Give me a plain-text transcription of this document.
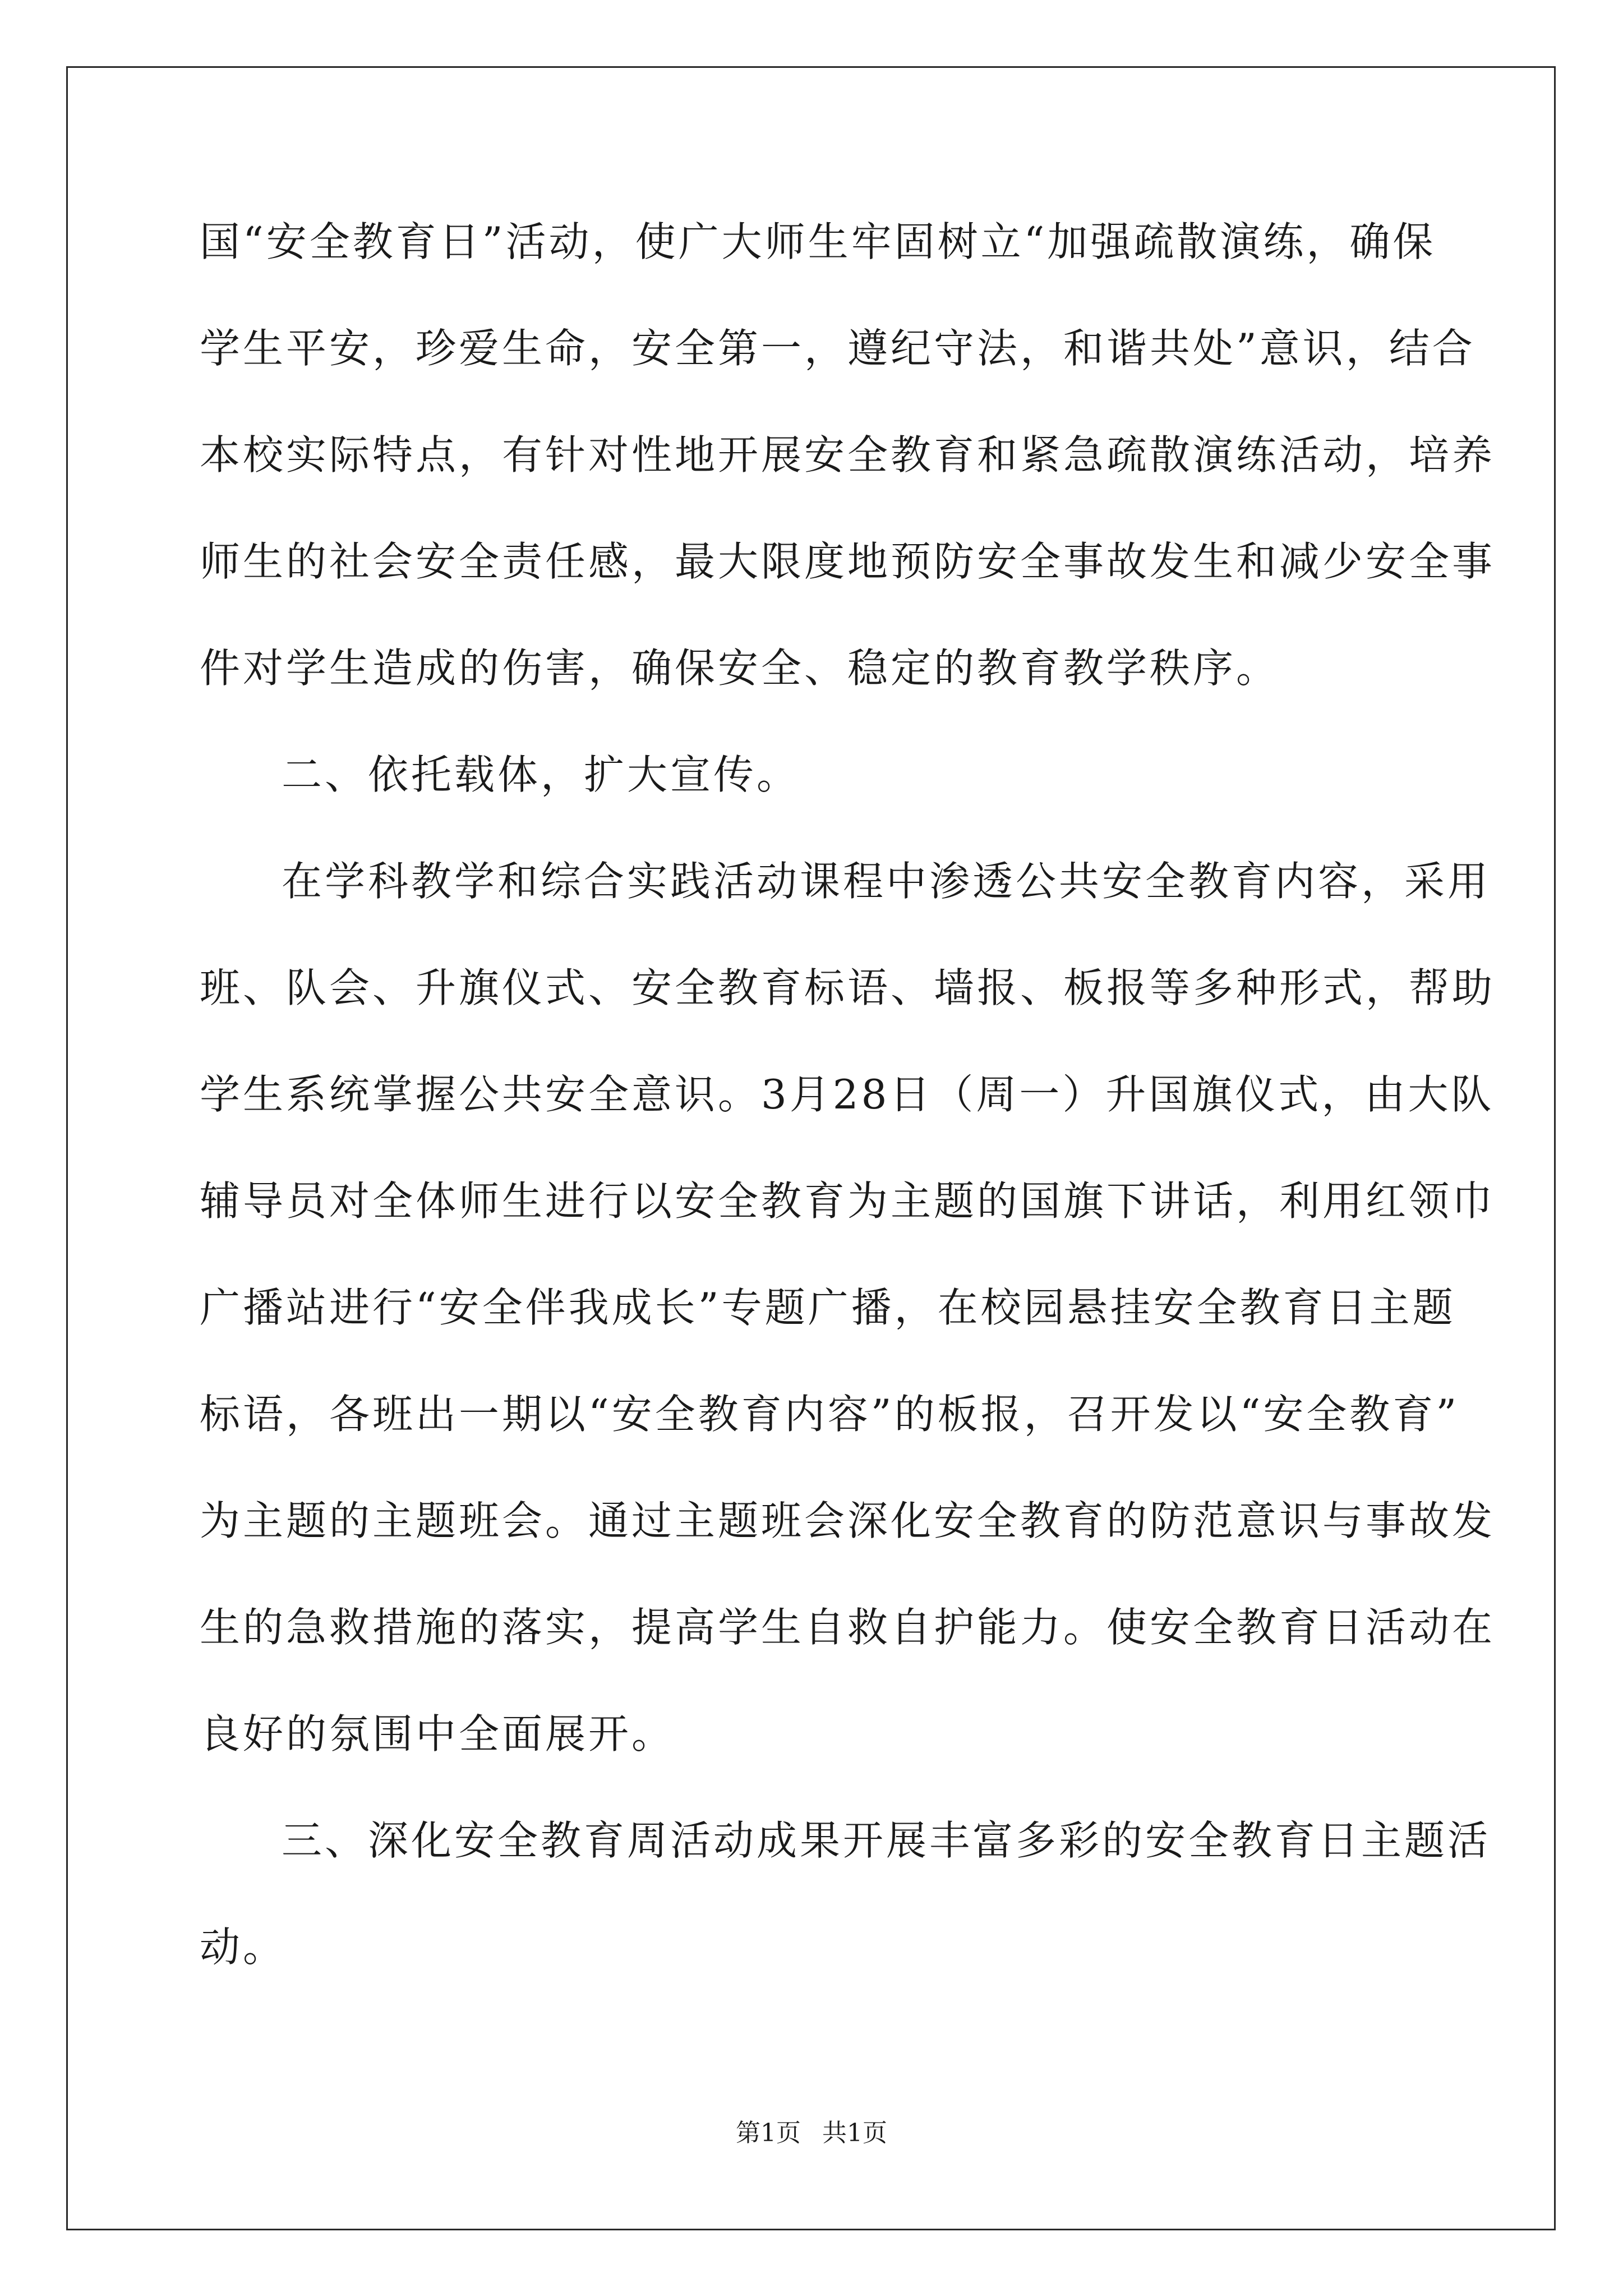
国“安全教育日”活动，使广大师生牢固树立“加强疏散演练，确保
学生平安，珍爱生命，安全第一，遵纪守法，和谐共处”意识，结合
本校实际特点，有针对性地开展安全教育和紧急疏散演练活动，培养
师生的社会安全责任感，最大限度地预防安全事故发生和减少安全事
件对学生造成的伤害，确保安全、稳定的教育教学秩序。
二、依托载体，扩大宣传。
在学科教学和综合实践活动课程中渗透公共安全教育内容，采用
班、队会、升旗仪式、安全教育标语、墙报、板报等多种形式，帮助
学生系统掌握公共安全意识。3月28日（周一）升国旗仪式，由大队
辅导员对全体师生进行以安全教育为主题的国旗下讲话，利用红领巾
广播站进行“安全伴我成长”专题广播，在校园悬挂安全教育日主题
标语，各班出一期以“安全教育内容”的板报，召开发以“安全教育”
为主题的主题班会。通过主题班会深化安全教育的防范意识与事故发
生的急救措施的落实，提高学生自救自护能力。使安全教育日活动在
良好的氛围中全面展开。
三、深化安全教育周活动成果开展丰富多彩的安全教育日主题活
动。
第1页 共1页
